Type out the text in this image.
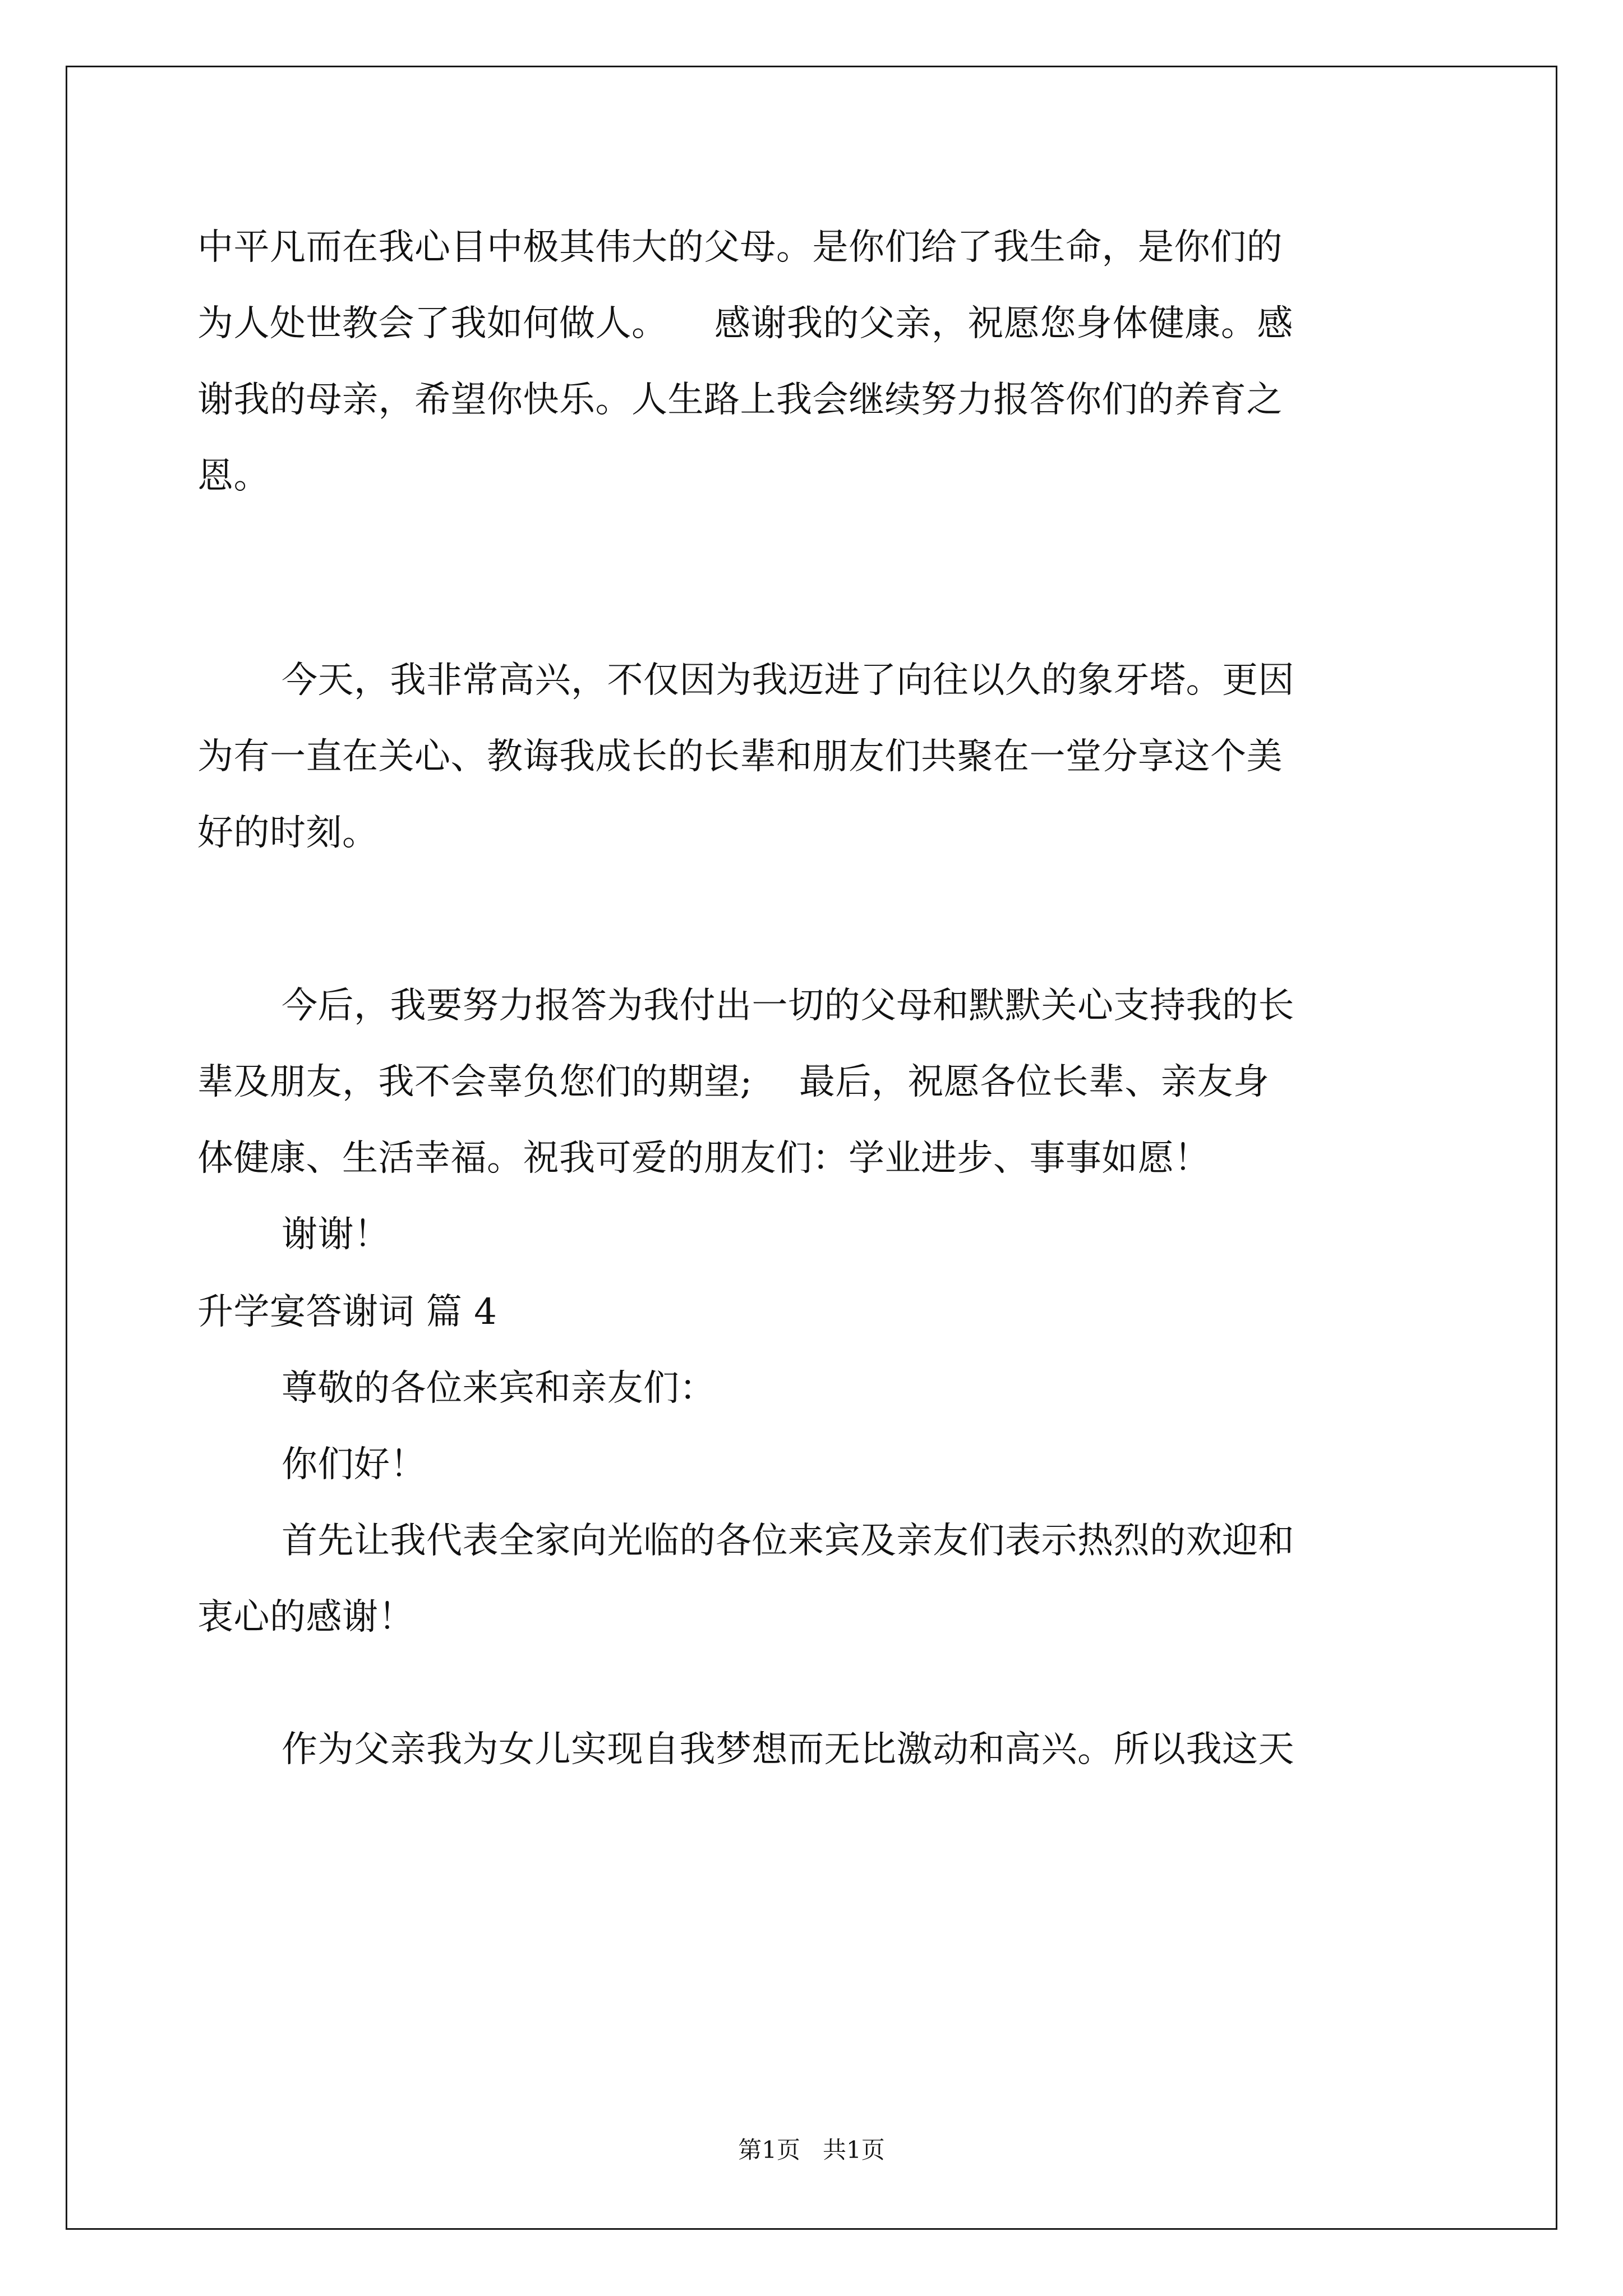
中平凡而在我心目中极其伟大的父母。是你们给了我生命，是你们的
为人处世教会了我如何做人。    感谢我的父亲，祝愿您身体健康。感
谢我的母亲，希望你快乐。人生路上我会继续努力报答你们的养育之
恩。
今天，我非常高兴，不仅因为我迈进了向往以久的象牙塔。更因
为有一直在关心、教诲我成长的长辈和朋友们共聚在一堂分享这个美
好的时刻。
今后，我要努力报答为我付出一切的父母和默默关心支持我的长
辈及朋友，我不会辜负您们的期望;    最后，祝愿各位长辈、亲友身
体健康、生活幸福。祝我可爱的朋友们：学业进步、事事如愿！
谢谢！
升学宴答谢词 篇 4
尊敬的各位来宾和亲友们：
你们好！
首先让我代表全家向光临的各位来宾及亲友们表示热烈的欢迎和
衷心的感谢！
作为父亲我为女儿实现自我梦想而无比激动和高兴。所以我这天
第1页   共1页
